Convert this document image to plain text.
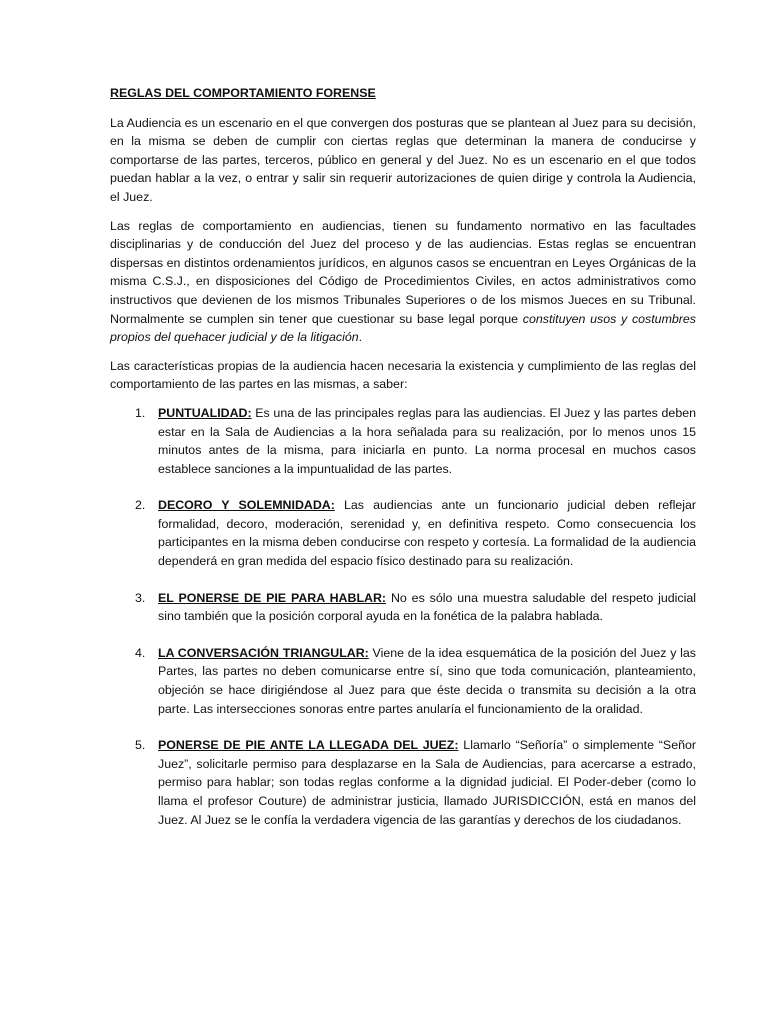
REGLAS DEL COMPORTAMIENTO FORENSE

La Audiencia es un escenario en el que convergen dos posturas que se plantean al Juez para su decisión, en la misma se deben de cumplir con ciertas reglas que determinan la manera de conducirse y comportarse de las partes, terceros, público en general y del Juez. No es un escenario en el que todos puedan hablar a la vez, o entrar y salir sin requerir autorizaciones de quien dirige y controla la Audiencia, el Juez.

Las reglas de comportamiento en audiencias, tienen su fundamento normativo en las facultades disciplinarias y de conducción del Juez del proceso y de las audiencias. Estas reglas se encuentran dispersas en distintos ordenamientos jurídicos, en algunos casos se encuentran en Leyes Orgánicas de la misma C.S.J., en disposiciones del Código de Procedimientos Civiles, en actos administrativos como instructivos que devienen de los mismos Tribunales Superiores o de los mismos Jueces en su Tribunal. Normalmente se cumplen sin tener que cuestionar su base legal porque constituyen usos y costumbres propios del quehacer judicial y de la litigación.

Las características propias de la audiencia hacen necesaria la existencia y cumplimiento de las reglas del comportamiento de las partes en las mismas, a saber:

1. PUNTUALIDAD: Es una de las principales reglas para las audiencias. El Juez y las partes deben estar en la Sala de Audiencias a la hora señalada para su realización, por lo menos unos 15 minutos antes de la misma, para iniciarla en punto. La norma procesal en muchos casos establece sanciones a la impuntualidad de las partes.
2. DECORO Y SOLEMNIDADA: Las audiencias ante un funcionario judicial deben reflejar formalidad, decoro, moderación, serenidad y, en definitiva respeto. Como consecuencia los participantes en la misma deben conducirse con respeto y cortesía. La formalidad de la audiencia dependerá en gran medida del espacio físico destinado para su realización.
3. EL PONERSE DE PIE PARA HABLAR: No es sólo una muestra saludable del respeto judicial sino también que la posición corporal ayuda en la fonética de la palabra hablada.
4. LA CONVERSACIÓN TRIANGULAR: Viene de la idea esquemática de la posición del Juez y las Partes, las partes no deben comunicarse entre sí, sino que toda comunicación, planteamiento, objeción se hace dirigiéndose al Juez para que éste decida o transmita su decisión a la otra parte. Las intersecciones sonoras entre partes anularía el funcionamiento de la oralidad.
5. PONERSE DE PIE ANTE LA LLEGADA DEL JUEZ: Llamarlo “Señoría” o simplemente “Señor Juez”, solicitarle permiso para desplazarse en la Sala de Audiencias, para acercarse a estrado, permiso para hablar; son todas reglas conforme a la dignidad judicial. El Poder-deber (como lo llama el profesor Couture) de administrar justicia, llamado JURISDICCIÓN, está en manos del Juez. Al Juez se le confía la verdadera vigencia de las garantías y derechos de los ciudadanos.
